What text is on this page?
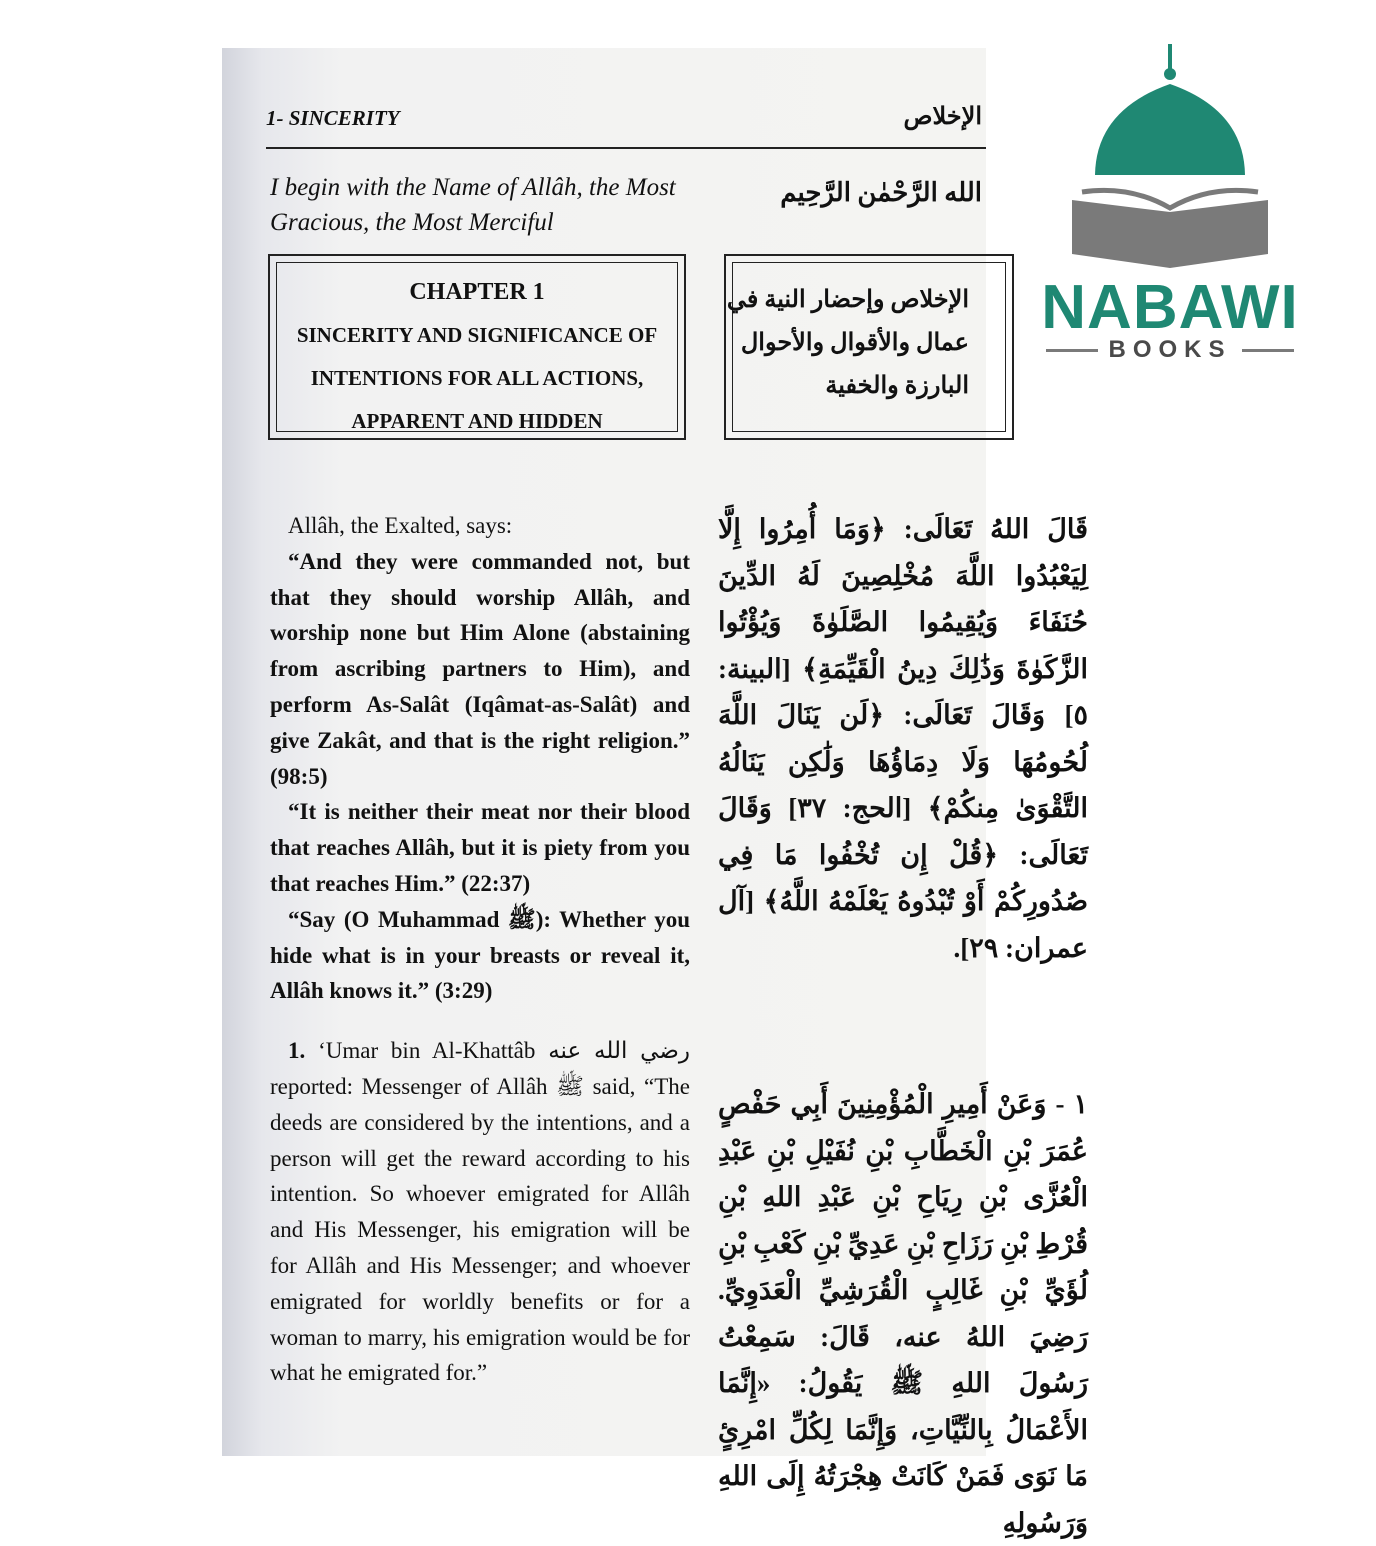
1- SINCERITY	الإخلاص
I begin with the Name of Allâh, the Most Gracious, the Most Merciful
الله الرَّحْمٰن الرَّحِيم
CHAPTER 1
SINCERITY AND SIGNIFICANCE OF
INTENTIONS FOR ALL ACTIONS,
APPARENT AND HIDDEN
الإخلاص وإحضار النية في
عمال والأقوال والأحوال
البارزة والخفية

Allâh, the Exalted, says:

“And they were commanded not, but that they should worship Allâh, and worship none but Him Alone (abstaining from ascribing partners to Him), and perform As-Salât (Iqâmat-as-Salât) and give Zakât, and that is the right religion.” (98:5)

“It is neither their meat nor their blood that reaches Allâh, but it is piety from you that reaches Him.” (22:37)

“Say (O Muhammad ﷺ): Whether you hide what is in your breasts or reveal it, Allâh knows it.” (3:29)

1. ‘Umar bin Al-Khattâb رضي الله عنه reported: Messenger of Allâh ﷺ said, “The deeds are considered by the intentions, and a person will get the reward according to his intention. So whoever emigrated for Allâh and His Messenger, his emigration will be for Allâh and His Messenger; and whoever emigrated for worldly benefits or for a woman to marry, his emigration would be for what he emigrated for.”

قَالَ اللهُ تَعَالَى: ﴿وَمَا أُمِرُوا إِلَّا لِيَعْبُدُوا اللَّهَ مُخْلِصِينَ لَهُ الدِّينَ حُنَفَاءَ وَيُقِيمُوا الصَّلَوٰةَ وَيُؤْتُوا الزَّكَوٰةَ وَذَٰلِكَ دِينُ الْقَيِّمَةِ﴾ [البينة: ٥] وَقَالَ تَعَالَى: ﴿لَن يَنَالَ اللَّهَ لُحُومُهَا وَلَا دِمَاؤُهَا وَلَٰكِن يَنَالُهُ التَّقْوَىٰ مِنكُمْ﴾ [الحج: ٣٧] وَقَالَ تَعَالَى: ﴿قُلْ إِن تُخْفُوا مَا فِي صُدُورِكُمْ أَوْ تُبْدُوهُ يَعْلَمْهُ اللَّهُ﴾ [آل عمران: ٢٩].

١ - وَعَنْ أَمِيرِ الْمُؤْمِنِينَ أَبِي حَفْصٍ عُمَرَ بْنِ الْخَطَّابِ بْنِ نُفَيْلِ بْنِ عَبْدِ الْعُزَّى بْنِ رِيَاحِ بْنِ عَبْدِ اللهِ بْنِ قُرْطِ بْنِ رَزَاحِ بْنِ عَدِيِّ بْنِ كَعْبِ بْنِ لُؤَيِّ بْنِ غَالِبٍ الْقُرَشِيِّ الْعَدَوِيِّ. رَضِيَ اللهُ عنه، قَالَ: سَمِعْتُ رَسُولَ اللهِ ﷺ يَقُولُ: «إِنَّمَا الأَعْمَالُ بِالنِّيَّاتِ، وَإِنَّمَا لِكُلِّ امْرِئٍ مَا نَوَى فَمَنْ كَانَتْ هِجْرَتُهُ إِلَى اللهِ وَرَسُولِهِ

NABAWI
BOOKS
